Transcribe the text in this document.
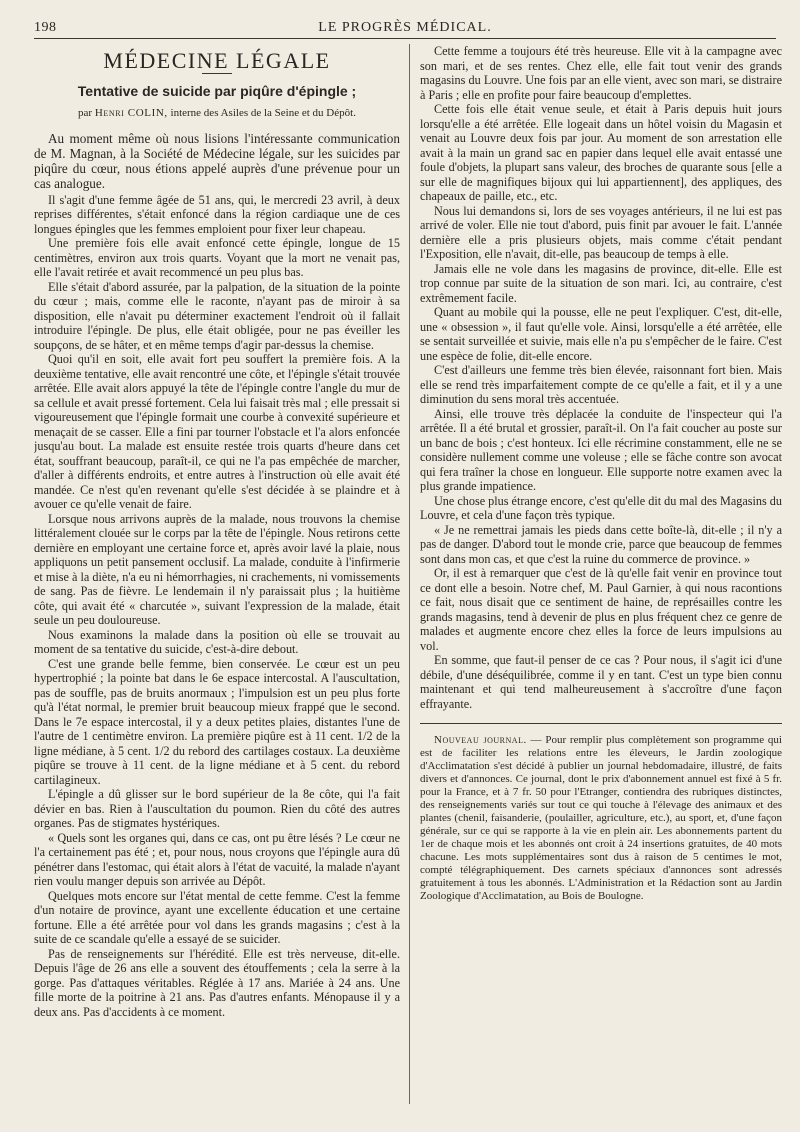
198	LE PROGRÈS MÉDICAL.
MÉDECINE LÉGALE
Tentative de suicide par piqûre d'épingle ;
par Henri COLIN, interne des Asiles de la Seine et du Dépôt.

Au moment même où nous lisions l'intéressante communication de M. Magnan, à la Société de Médecine légale, sur les suicides par piqûre du cœur, nous étions appelé auprès d'une prévenue pour un cas analogue.

Il s'agit d'une femme âgée de 51 ans, qui, le mercredi 23 avril, à deux reprises différentes, s'était enfoncé dans la région cardiaque une de ces longues épingles que les femmes emploient pour fixer leur chapeau.

Une première fois elle avait enfoncé cette épingle, longue de 15 centimètres, environ aux trois quarts. Voyant que la mort ne venait pas, elle l'avait retirée et avait recommencé un peu plus bas.

Elle s'était d'abord assurée, par la palpation, de la situation de la pointe du cœur ; mais, comme elle le raconte, n'ayant pas de miroir à sa disposition, elle n'avait pu déterminer exactement l'endroit où il fallait introduire l'épingle. De plus, elle était obligée, pour ne pas éveiller les soupçons, de se hâter, et en même temps d'agir par-dessus la chemise.

Quoi qu'il en soit, elle avait fort peu souffert la première fois. A la deuxième tentative, elle avait rencontré une côte, et l'épingle s'était trouvée arrêtée. Elle avait alors appuyé la tête de l'épingle contre l'angle du mur de sa cellule et avait pressé fortement. Cela lui faisait très mal ; elle pressait si vigoureusement que l'épingle formait une courbe à convexité supérieure et menaçait de se casser. Elle a fini par tourner l'obstacle et l'a alors enfoncée jusqu'au bout. La malade est ensuite restée trois quarts d'heure dans cet état, souffrant beaucoup, paraît-il, ce qui ne l'a pas empêchée de marcher, d'aller à différents endroits, et entre autres à l'instruction où elle avait été mandée. Ce n'est qu'en revenant qu'elle s'est décidée à se plaindre et à avouer ce qu'elle venait de faire.

Lorsque nous arrivons auprès de la malade, nous trouvons la chemise littéralement clouée sur le corps par la tête de l'épingle. Nous retirons cette dernière en employant une certaine force et, après avoir lavé la plaie, nous appliquons un petit pansement occlusif. La malade, conduite à l'infirmerie et mise à la diète, n'a eu ni hémorrhagies, ni crachements, ni vomissements de sang. Pas de fièvre. Le lendemain il n'y paraissait plus ; la huitième côte, qui avait été « charcutée », suivant l'expression de la malade, était seule un peu douloureuse.

Nous examinons la malade dans la position où elle se trouvait au moment de sa tentative du suicide, c'est-à-dire debout.

C'est une grande belle femme, bien conservée. Le cœur est un peu hypertrophié ; la pointe bat dans le 6e espace intercostal. A l'auscultation, pas de souffle, pas de bruits anormaux ; l'impulsion est un peu plus forte qu'à l'état normal, le premier bruit beaucoup mieux frappé que le second. Dans le 7e espace intercostal, il y a deux petites plaies, distantes l'une de l'autre de 1 centimètre environ. La première piqûre est à 11 cent. 1/2 de la ligne médiane, à 5 cent. 1/2 du rebord des cartilages costaux. La deuxième piqûre se trouve à 11 cent. de la ligne médiane et à 5 cent. du rebord cartilagineux.

L'épingle a dû glisser sur le bord supérieur de la 8e côte, qui l'a fait dévier en bas. Rien à l'auscultation du poumon. Rien du côté des autres organes. Pas de stigmates hystériques.

« Quels sont les organes qui, dans ce cas, ont pu être lésés ? Le cœur ne l'a certainement pas été ; et, pour nous, nous croyons que l'épingle aura dû pénétrer dans l'estomac, qui était alors à l'état de vacuité, la malade n'ayant rien voulu manger depuis son arrivée au Dépôt.

Quelques mots encore sur l'état mental de cette femme. C'est la femme d'un notaire de province, ayant une excellente éducation et une certaine fortune. Elle a été arrêtée pour vol dans les grands magasins ; c'est à la suite de ce scandale qu'elle a essayé de se suicider.

Pas de renseignements sur l'hérédité. Elle est très nerveuse, dit-elle. Depuis l'âge de 26 ans elle a souvent des étouffements ; cela la serre à la gorge. Pas d'attaques véritables. Réglée à 17 ans. Mariée à 24 ans. Une fille morte de la poitrine à 21 ans. Pas d'autres enfants. Ménopause il y a deux ans. Pas d'accidents à ce moment.

Cette femme a toujours été très heureuse. Elle vit à la campagne avec son mari, et de ses rentes. Chez elle, elle fait tout venir des grands magasins du Louvre. Une fois par an elle vient, avec son mari, se distraire à Paris ; elle en profite pour faire beaucoup d'emplettes.

Cette fois elle était venue seule, et était à Paris depuis huit jours lorsqu'elle a été arrêtée. Elle logeait dans un hôtel voisin du Magasin et venait au Louvre deux fois par jour. Au moment de son arrestation elle avait à la main un grand sac en papier dans lequel elle avait entassé une foule d'objets, la plupart sans valeur, des broches de quarante sous [elle a sur elle de magnifiques bijoux qui lui appartiennent], des appliques, des chapeaux de paille, etc., etc.

Nous lui demandons si, lors de ses voyages antérieurs, il ne lui est pas arrivé de voler. Elle nie tout d'abord, puis finit par avouer le fait. L'année dernière elle a pris plusieurs objets, mais comme c'était pendant l'Exposition, elle n'avait, dit-elle, pas beaucoup de temps à elle.

Jamais elle ne vole dans les magasins de province, dit-elle. Elle est trop connue par suite de la situation de son mari. Ici, au contraire, c'est extrêmement facile.

Quant au mobile qui la pousse, elle ne peut l'expliquer. C'est, dit-elle, une « obsession », il faut qu'elle vole. Ainsi, lorsqu'elle a été arrêtée, elle se sentait surveillée et suivie, mais elle n'a pu s'empêcher de le faire. C'est une espèce de folie, dit-elle encore.

C'est d'ailleurs une femme très bien élevée, raisonnant fort bien. Mais elle se rend très imparfaitement compte de ce qu'elle a fait, et il y a une diminution du sens moral très accentuée.

Ainsi, elle trouve très déplacée la conduite de l'inspecteur qui l'a arrêtée. Il a été brutal et grossier, paraît-il. On l'a fait coucher au poste sur un banc de bois ; c'est honteux. Ici elle récrimine constamment, elle ne se considère nullement comme une voleuse ; elle se fâche contre son avocat qui fera traîner la chose en longueur. Elle supporte notre examen avec la plus grande impatience.

Une chose plus étrange encore, c'est qu'elle dit du mal des Magasins du Louvre, et cela d'une façon très typique.

« Je ne remettrai jamais les pieds dans cette boîte-là, dit-elle ; il n'y a pas de danger. D'abord tout le monde crie, parce que beaucoup de femmes sont dans mon cas, et que c'est la ruine du commerce de province. »

Or, il est à remarquer que c'est de là qu'elle fait venir en province tout ce dont elle a besoin. Notre chef, M. Paul Garnier, à qui nous racontions ce fait, nous disait que ce sentiment de haine, de représailles contre les grands magasins, tend à devenir de plus en plus fréquent chez ce genre de malades et augmente encore chez elles la force de leurs impulsions au vol.

En somme, que faut-il penser de ce cas ? Pour nous, il s'agit ici d'une débile, d'une déséquilibrée, comme il y en tant. C'est un type bien connu maintenant et qui tend malheureusement à s'accroître d'une façon effrayante.

Nouveau journal. — Pour remplir plus complètement son programme qui est de faciliter les relations entre les éleveurs, le Jardin zoologique d'Acclimatation s'est décidé à publier un journal hebdomadaire, illustré, de faits divers et d'annonces. Ce journal, dont le prix d'abonnement annuel est fixé à 5 fr. pour la France, et à 7 fr. 50 pour l'Etranger, contiendra des rubriques distinctes, des renseignements variés sur tout ce qui touche à l'élevage des animaux et des plantes (chenil, faisanderie, (poulailler, agriculture, etc.), au sport, et, d'une façon générale, sur ce qui se rapporte à la vie en plein air. Les abonnements partent du 1er de chaque mois et les abonnés ont croit à 24 insertions gratuites, de 40 mots chacune. Les mots supplémentaires sont dus à raison de 5 centimes le mot, compté télégraphiquement. Des carnets spéciaux d'annonces sont adressés gratuitement à tous les abonnés. L'Administration et la Rédaction sont au Jardin Zoologique d'Acclimatation, au Bois de Boulogne.
